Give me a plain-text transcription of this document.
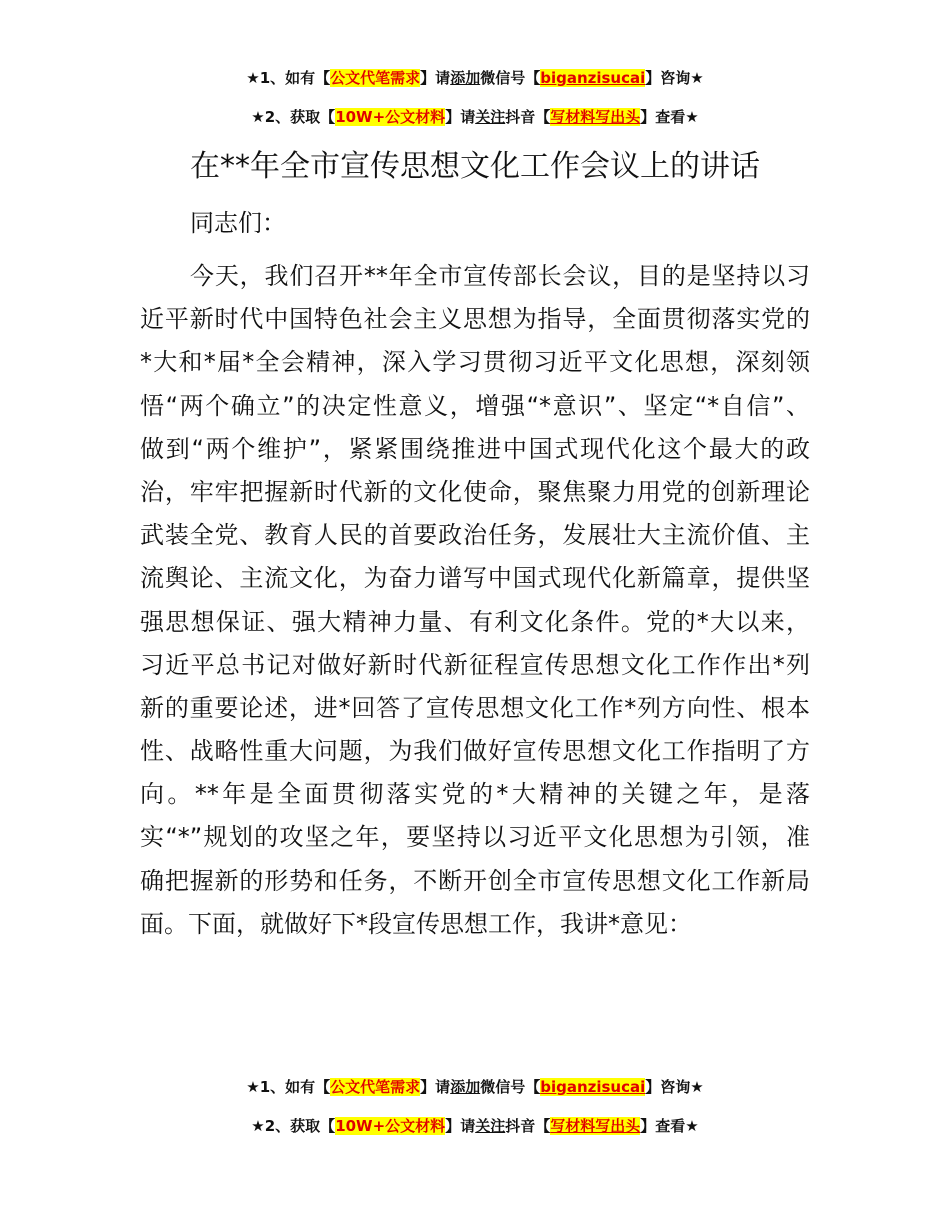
★1、如有【公文代笔需求】请添加微信号【biganzisucai】咨询★
★2、获取【10W+公文材料】请关注抖音【写材料写出头】查看★
在**年全市宣传思想文化工作会议上的讲话
同志们：
今天，我们召开**年全市宣传部长会议，目的是坚持以习
近平新时代中国特色社会主义思想为指导，全面贯彻落实党的
*大和*届*全会精神，深入学习贯彻习近平文化思想，深刻领
悟“两个确立”的决定性意义，增强“*意识”、坚定“*自信”、
做到“两个维护”，紧紧围绕推进中国式现代化这个最大的政
治，牢牢把握新时代新的文化使命，聚焦聚力用党的创新理论
武装全党、教育人民的首要政治任务，发展壮大主流价值、主
流舆论、主流文化，为奋力谱写中国式现代化新篇章，提供坚
强思想保证、强大精神力量、有利文化条件。党的*大以来，
习近平总书记对做好新时代新征程宣传思想文化工作作出*列
新的重要论述，进*回答了宣传思想文化工作*列方向性、根本
性、战略性重大问题，为我们做好宣传思想文化工作指明了方
向。**年是全面贯彻落实党的*大精神的关键之年，是落
实“*”规划的攻坚之年，要坚持以习近平文化思想为引领，准
确把握新的形势和任务，不断开创全市宣传思想文化工作新局
面。下面，就做好下*段宣传思想工作，我讲*意见：
★1、如有【公文代笔需求】请添加微信号【biganzisucai】咨询★
★2、获取【10W+公文材料】请关注抖音【写材料写出头】查看★
